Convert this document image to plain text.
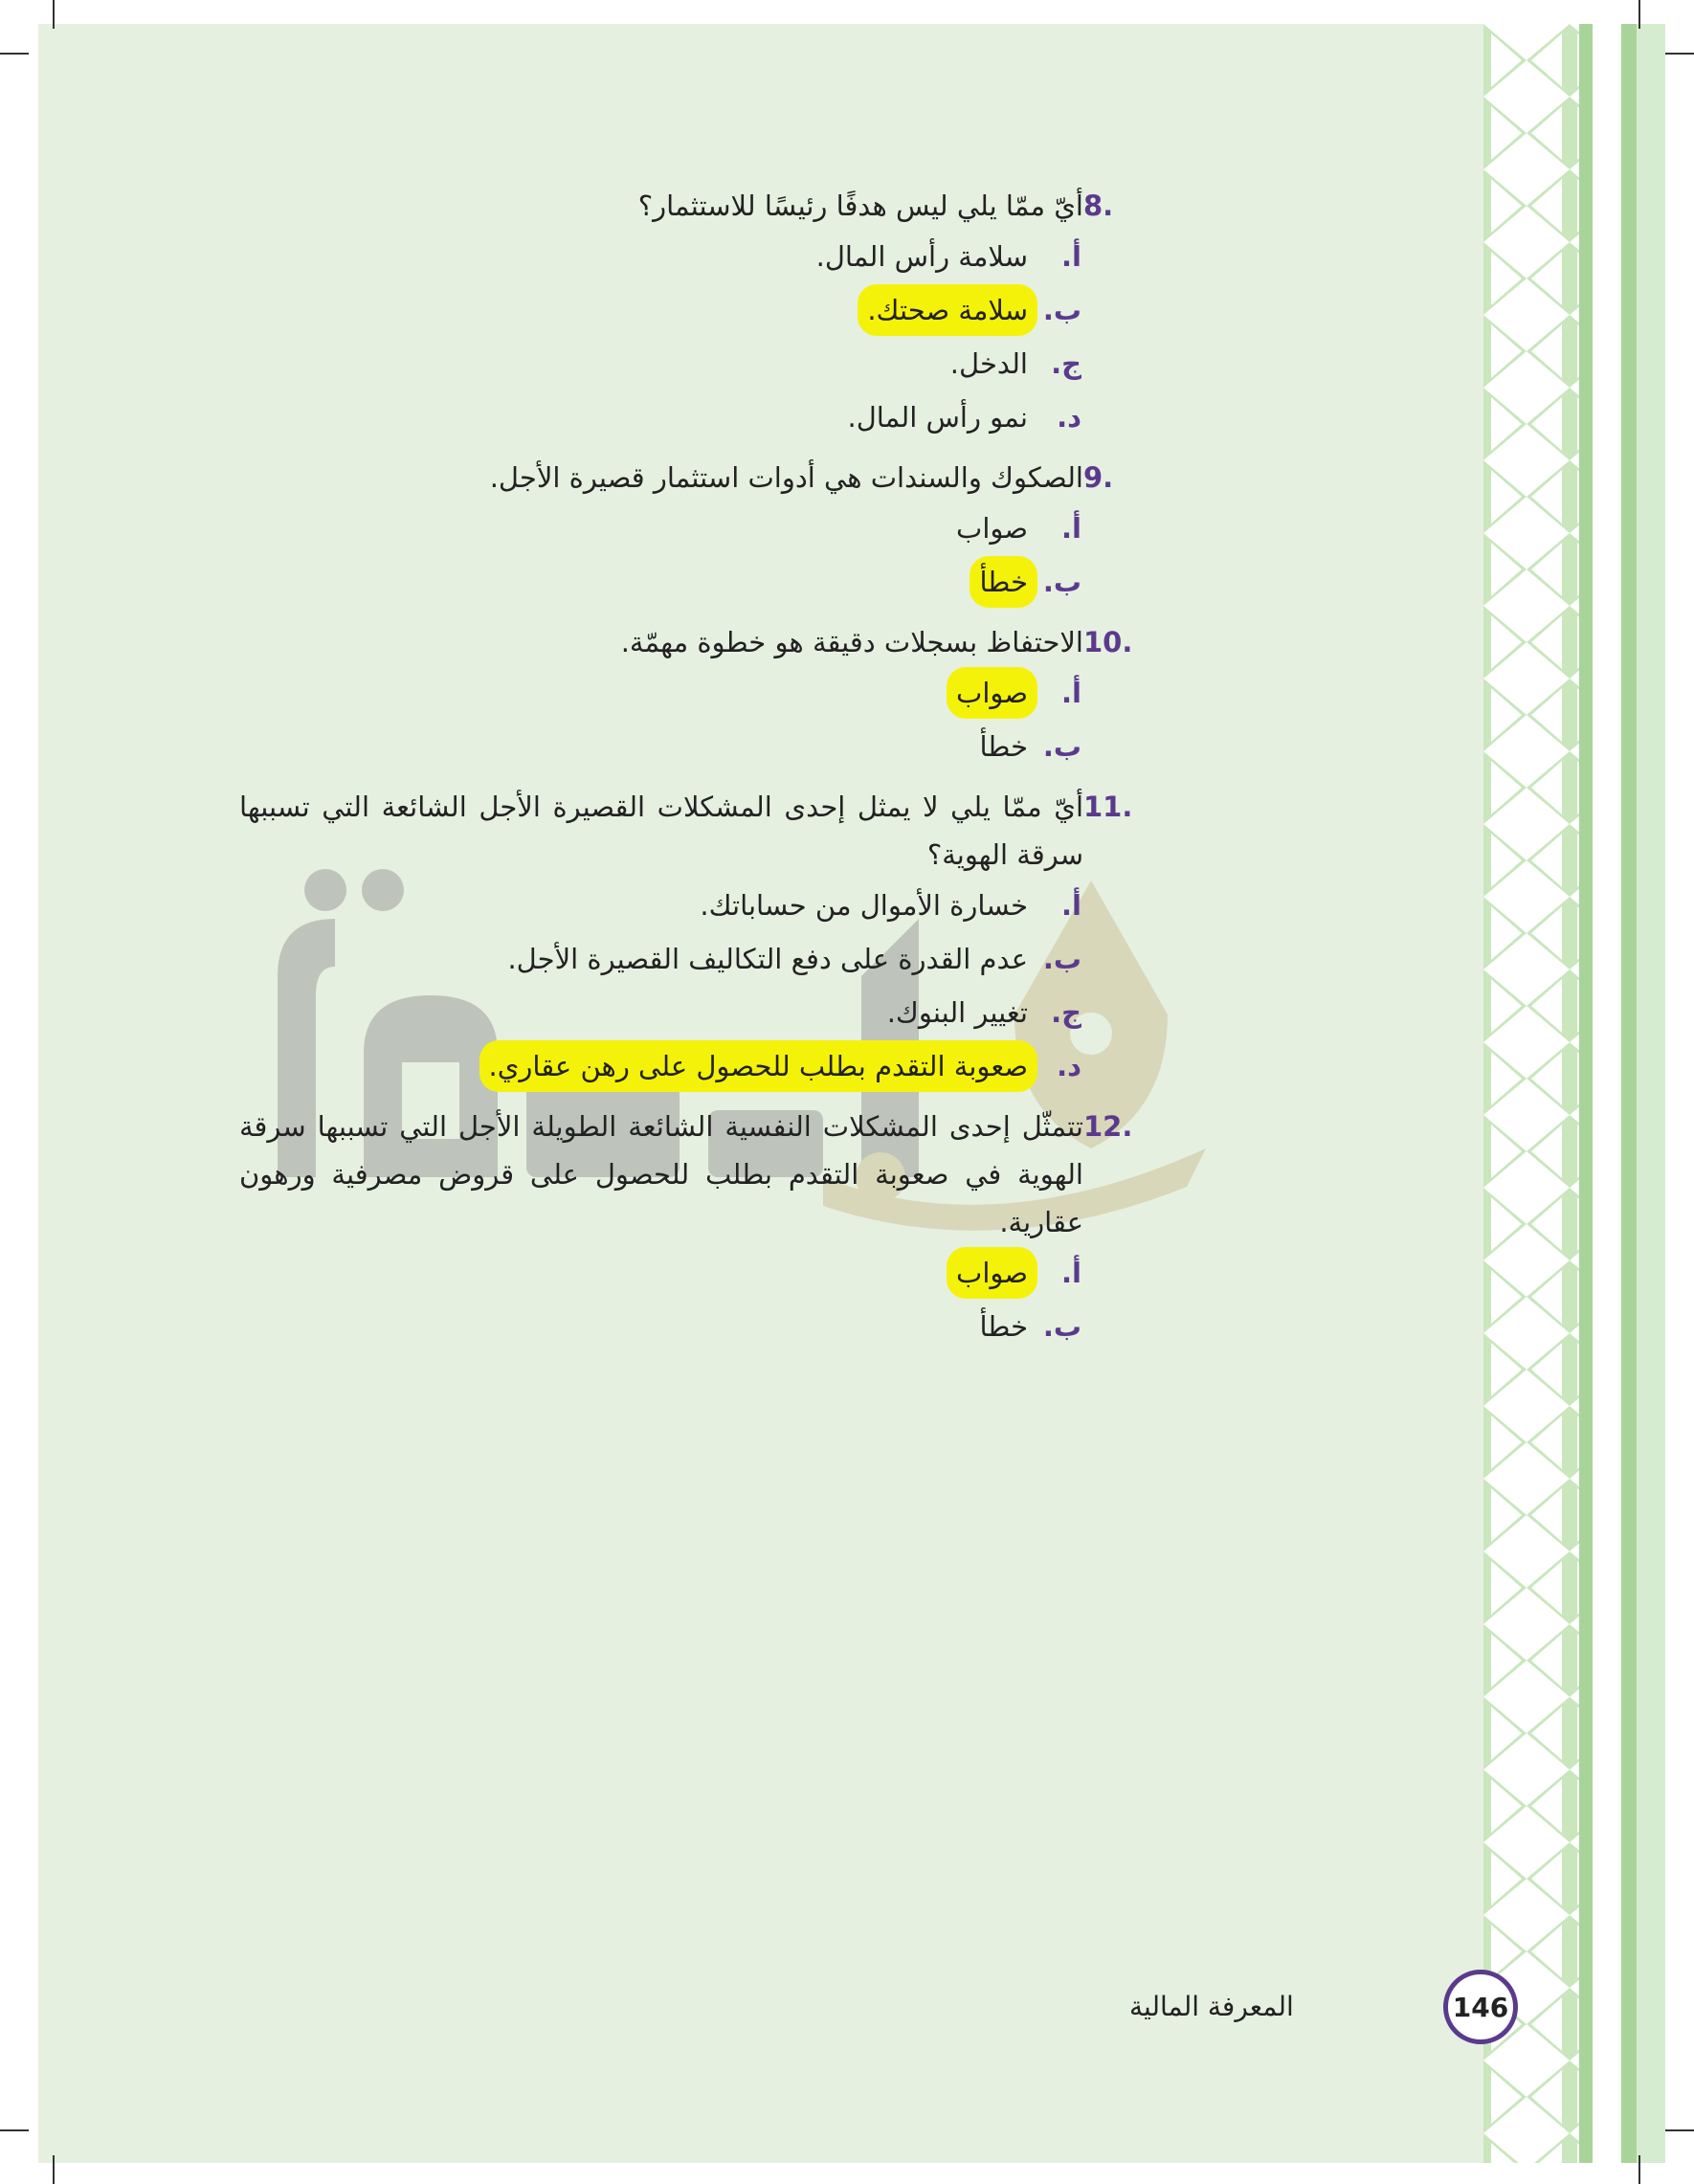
8.
أيّ ممّا يلي ليس هدفًا رئيسًا للاستثمار؟
أ.
سلامة رأس المال.
ب.
سلامة صحتك.
ج.
الدخل.
د.
نمو رأس المال.
9.
الصكوك والسندات هي أدوات استثمار قصيرة الأجل.
أ.
صواب
ب.
خطأ
10.
الاحتفاظ بسجلات دقيقة هو خطوة مهمّة.
أ.
صواب
ب.
خطأ
11.
أيّ ممّا يلي لا يمثل إحدى المشكلات القصيرة الأجل الشائعة التي تسببها سرقة الهوية؟
أ.
خسارة الأموال من حساباتك.
ب.
عدم القدرة على دفع التكاليف القصيرة الأجل.
ج.
تغيير البنوك.
د.
صعوبة التقدم بطلب للحصول على رهن عقاري.
12.
تتمثّل إحدى المشكلات النفسية الشائعة الطويلة الأجل التي تسببها سرقة الهوية في صعوبة التقدم بطلب للحصول على قروض مصرفية ورهون عقارية.
أ.
صواب
ب.
خطأ
المعرفة المالية	146
